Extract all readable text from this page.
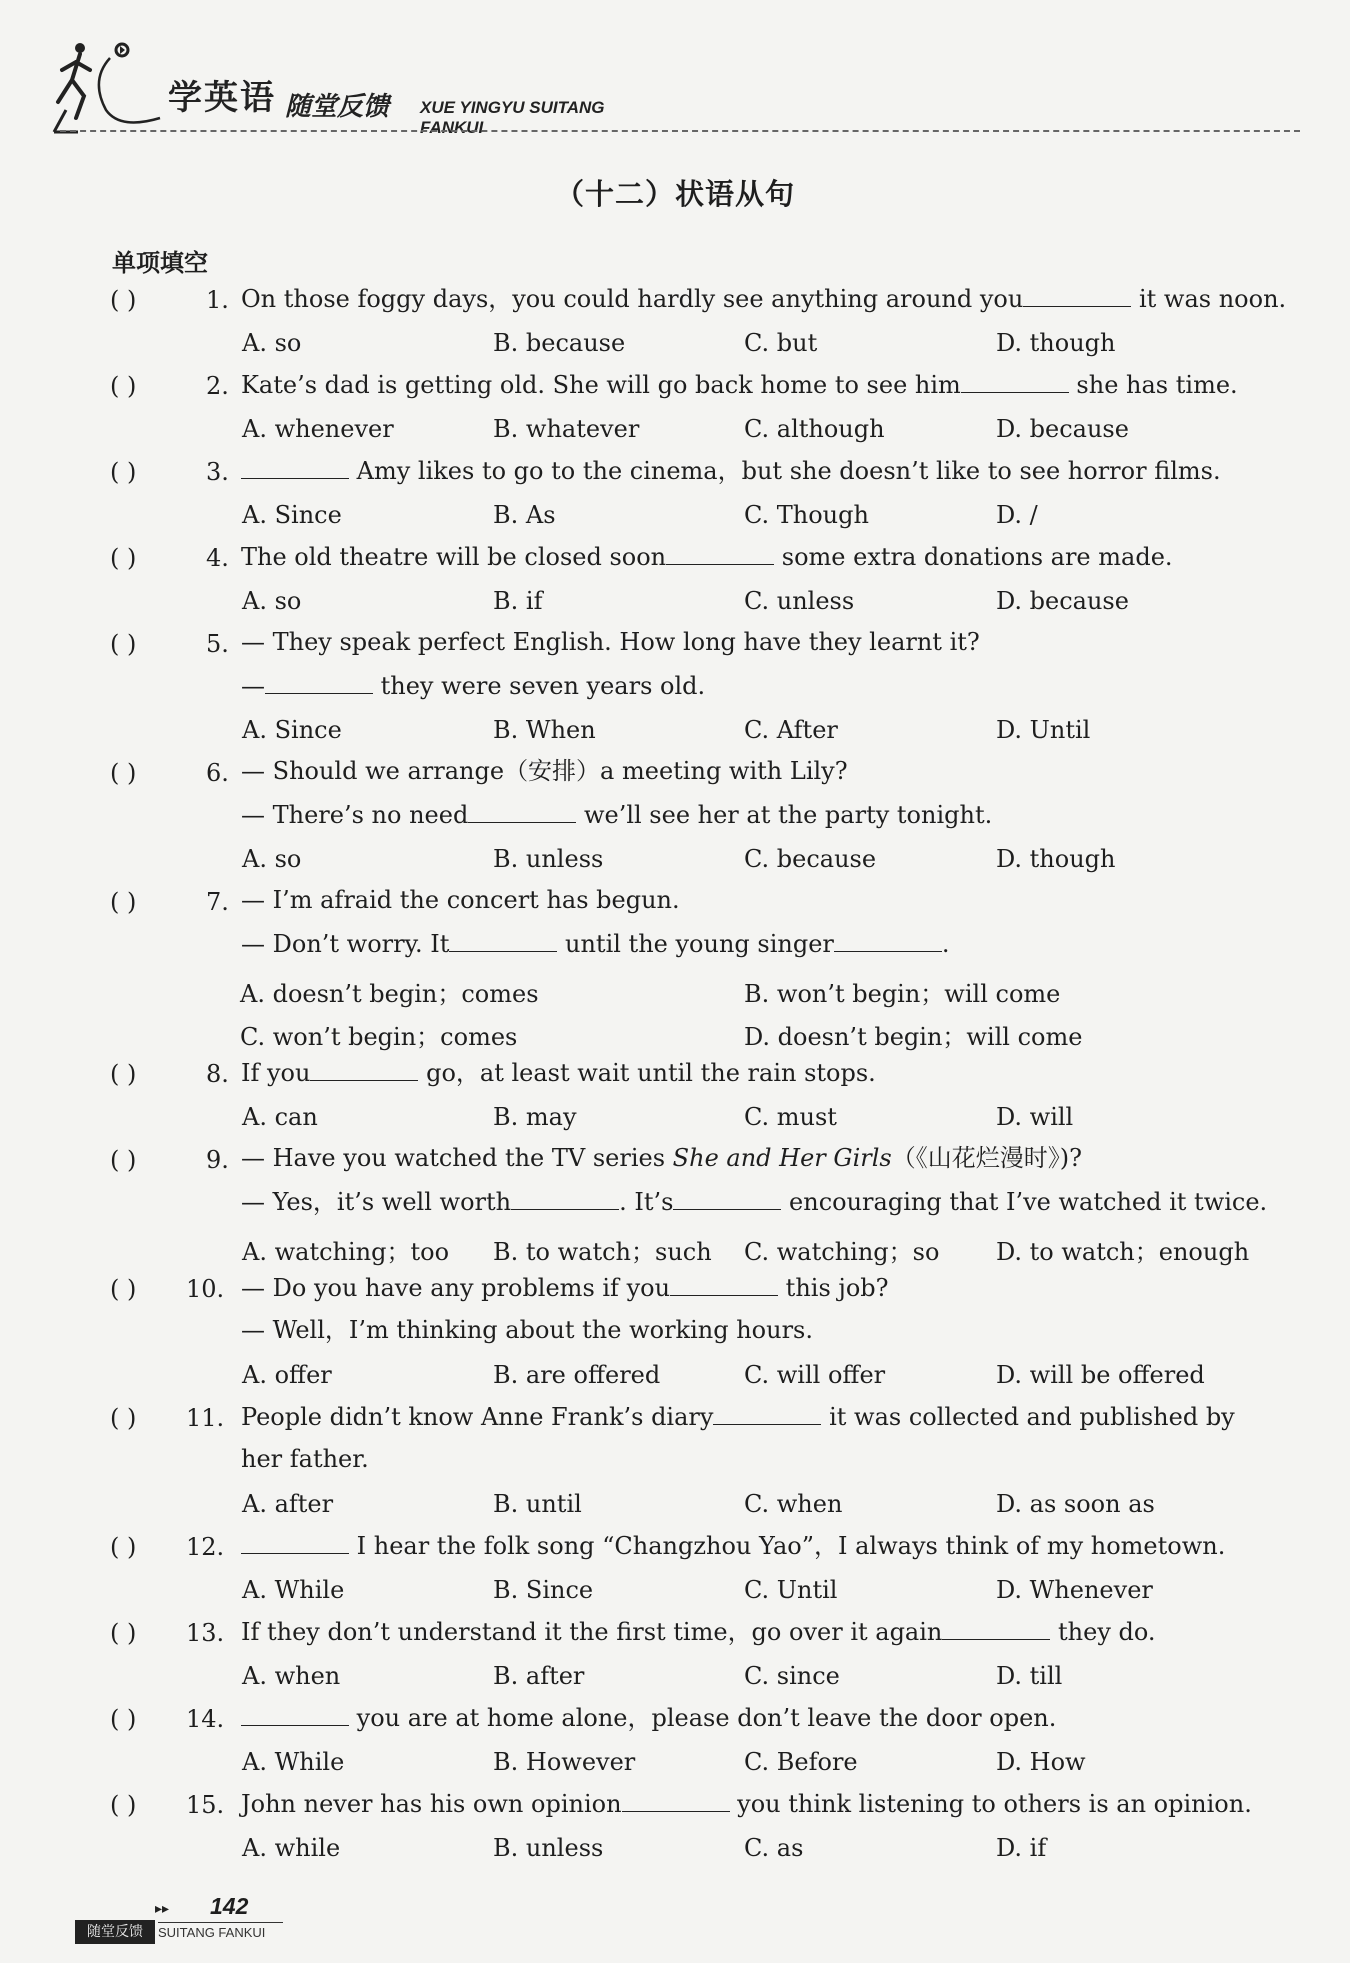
学英语 随堂反馈 XUE YINGYU SUITANG FANKUI
（十二）状语从句
单项填空
( )	1. On those foggy days，you could hardly see anything around you	it was noon.
A. so	B. because	C. but	D. though
( )	2. Kate’s dad is getting old. She will go back home to see him	she has time.
A. whenever	B. whatever	C. although	D. because
( )	3.	Amy likes to go to the cinema，but she doesn’t like to see horror films.
A. Since	B. As	C. Though	D. /
( )	4. The old theatre will be closed soon	some extra donations are made.
A. so	B. if	C. unless	D. because
( )	5. — They speak perfect English. How long have they learnt it?
—	they were seven years old.
A. Since	B. When	C. After	D. Until
( )	6. — Should we arrange（安排）a meeting with Lily?
— There’s no need	we’ll see her at the party tonight.
A. so	B. unless	C. because	D. though
( )	7. — I’m afraid the concert has begun.
— Don’t worry. It	until the young singer	.
A. doesn’t begin；comes	B. won’t begin；will come
C. won’t begin；comes	D. doesn’t begin；will come
( )	8. If you	go，at least wait until the rain stops.
A. can	B. may	C. must	D. will
( )	9. — Have you watched the TV series She and Her Girls（《山花烂漫时》)?
— Yes，it’s well worth	. It’s	encouraging that I’ve watched it twice.
A. watching；too B. to watch；such C. watching；so D. to watch；enough
( ) 10. — Do you have any problems if you	this job?
— Well，I’m thinking about the working hours.
A. offer	B. are offered	C. will offer	D. will be offered
( ) 11. People didn’t know Anne Frank’s diary	it was collected and published by
her father.
A. after	B. until	C. when	D. as soon as
( ) 12.	I hear the folk song “Changzhou Yao”，I always think of my hometown.
A. While	B. Since	C. Until	D. Whenever
( ) 13. If they don’t understand it the first time，go over it again	they do.
A. when	B. after	C. since	D. till
( ) 14.	you are at home alone，please don’t leave the door open.
A. While	B. However	C. Before	D. How
( ) 15. John never has his own opinion	you think listening to others is an opinion.
A. while	B. unless	C. as	D. if
▸▸ 142
随堂反馈	SUITANG FANKUI
